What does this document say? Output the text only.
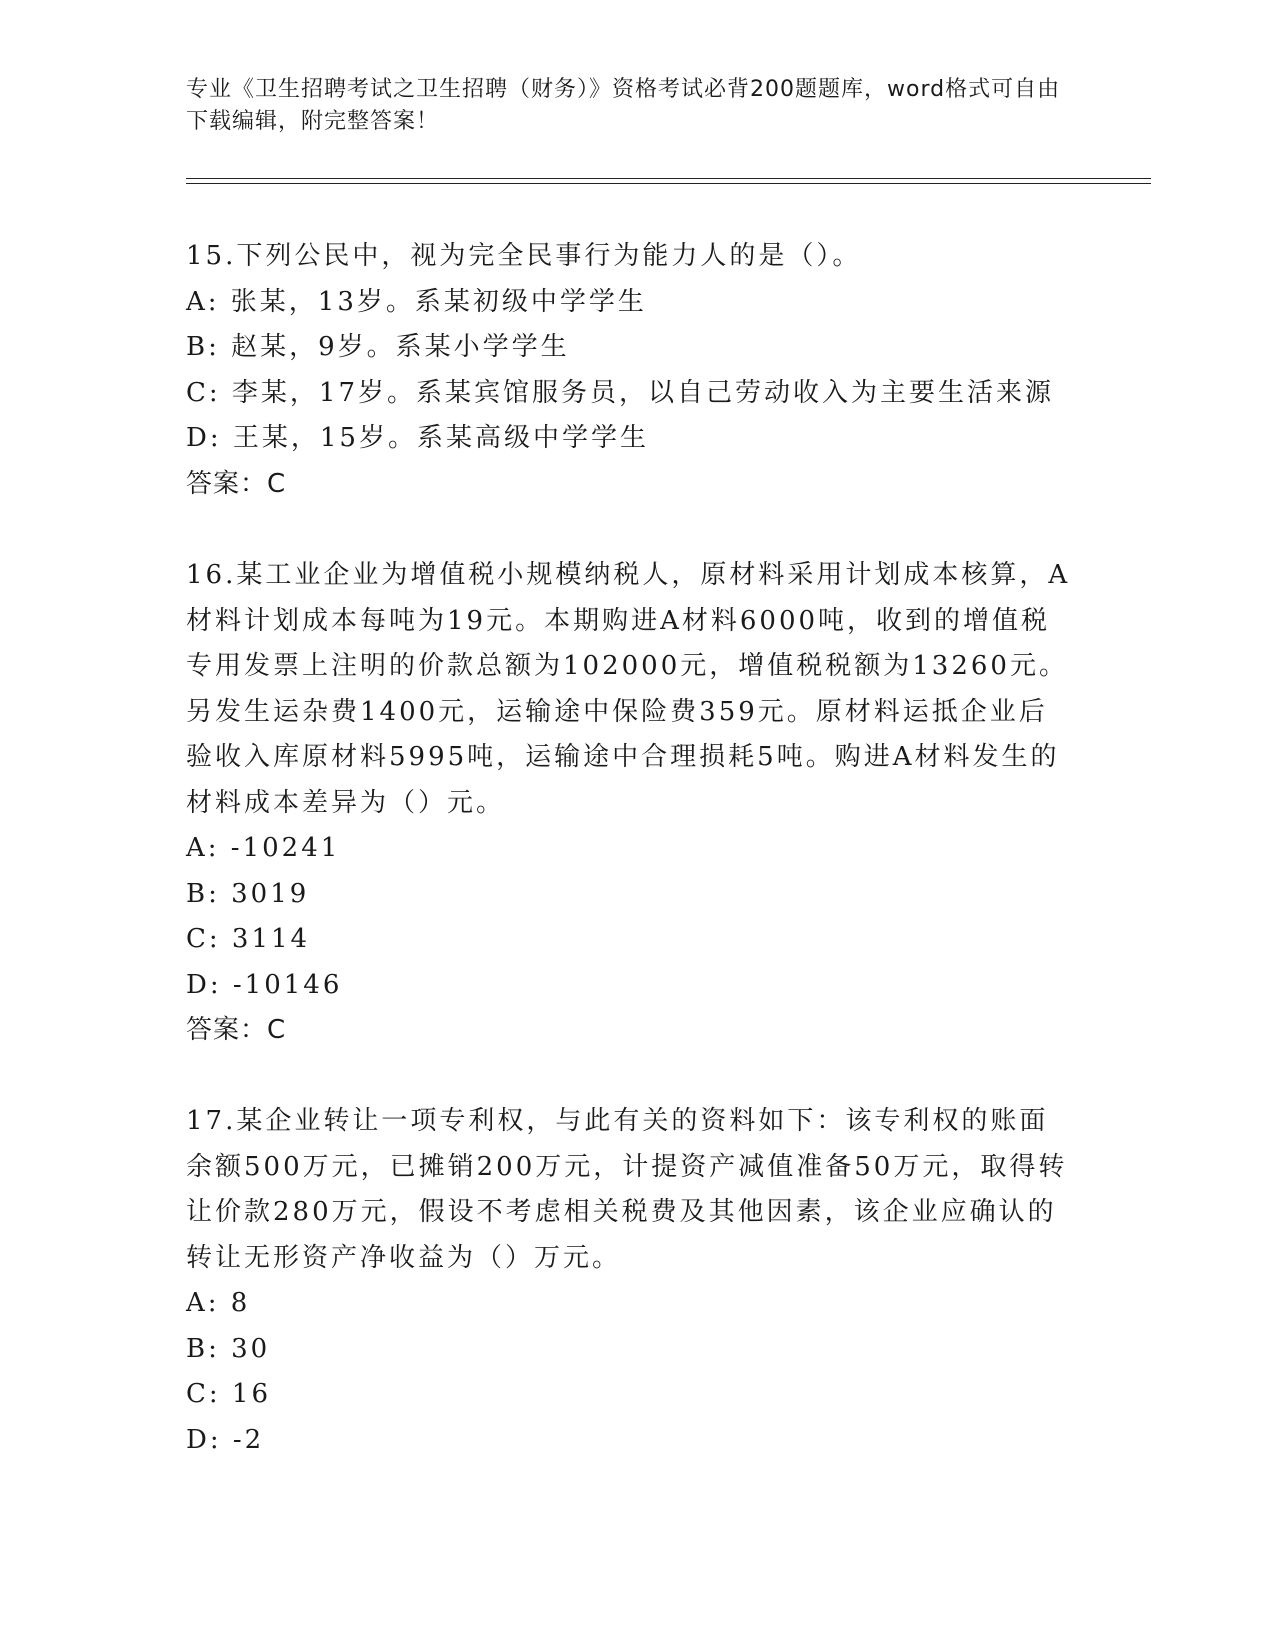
专业《卫生招聘考试之卫生招聘（财务）》资格考试必背200题题库，word格式可自由下载编辑，附完整答案！

15.下列公民中，视为完全民事行为能力人的是（）。

A: 张某，13岁。系某初级中学学生

B: 赵某，9岁。系某小学学生

C: 李某，17岁。系某宾馆服务员，以自己劳动收入为主要生活来源

D: 王某，15岁。系某高级中学学生

答案：C

16.某工业企业为增值税小规模纳税人，原材料采用计划成本核算，A材料计划成本每吨为19元。本期购进A材料6000吨，收到的增值税专用发票上注明的价款总额为102000元，增值税税额为13260元。另发生运杂费1400元，运输途中保险费359元。原材料运抵企业后验收入库原材料5995吨，运输途中合理损耗5吨。购进A材料发生的材料成本差异为（）元。

A: -10241

B: 3019

C: 3114

D: -10146

答案：C

17.某企业转让一项专利权，与此有关的资料如下：该专利权的账面余额500万元，已摊销200万元，计提资产减值准备50万元，取得转让价款280万元，假设不考虑相关税费及其他因素，该企业应确认的转让无形资产净收益为（）万元。

A: 8

B: 30

C: 16

D: -2
